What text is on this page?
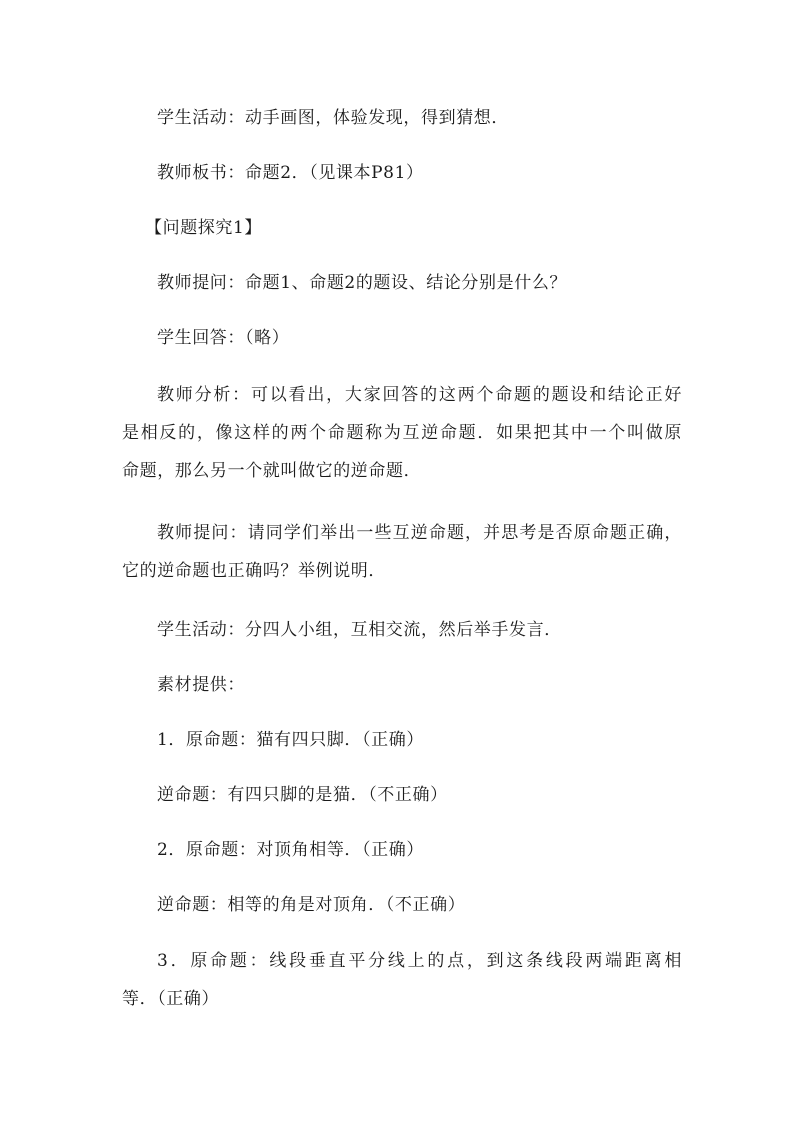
学生活动：动手画图，体验发现，得到猜想．

教师板书：命题2．（见课本P81）

【问题探究1】

教师提问：命题1、命题2的题设、结论分别是什么？

学生回答：（略）

教师分析：可以看出，大家回答的这两个命题的题设和结论正好
是相反的，像这样的两个命题称为互逆命题．如果把其中一个叫做原
命题，那么另一个就叫做它的逆命题．
教师提问：请同学们举出一些互逆命题，并思考是否原命题正确，
它的逆命题也正确吗？举例说明．

学生活动：分四人小组，互相交流，然后举手发言．

素材提供：

1．原命题：猫有四只脚．（正确）

逆命题：有四只脚的是猫．（不正确）

2．原命题：对顶角相等．（正确）

逆命题：相等的角是对顶角．（不正确）

3．原命题：线段垂直平分线上的点，到这条线段两端距离相
等．（正确）
